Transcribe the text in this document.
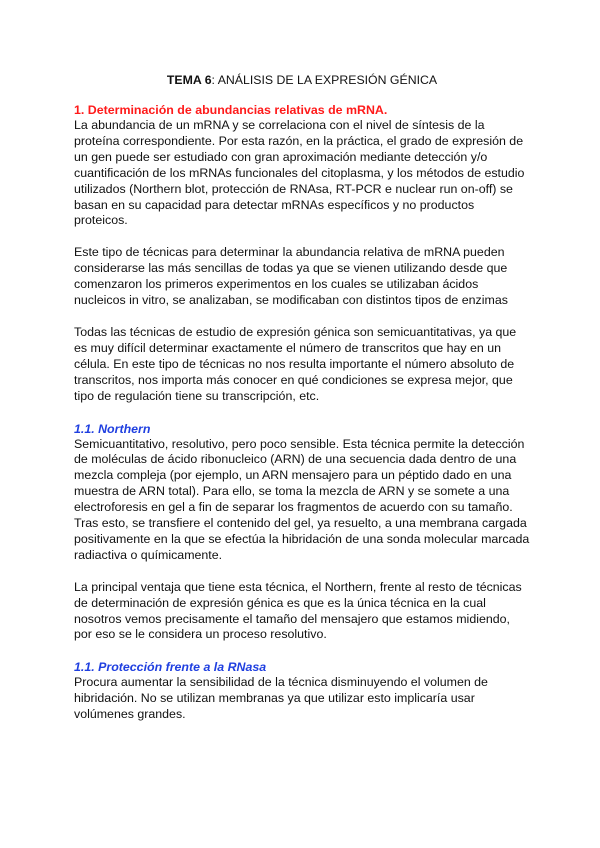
TEMA 6: ANÁLISIS DE LA EXPRESIÓN GÉNICA
1. Determinación de abundancias relativas de mRNA.
La abundancia de un mRNA y se correlaciona con el nivel de síntesis de la proteína correspondiente. Por esta razón, en la práctica, el grado de expresión de un gen puede ser estudiado con gran aproximación mediante detección y/o cuantificación de los mRNAs funcionales del citoplasma, y los métodos de estudio utilizados (Northern blot, protección de RNAsa, RT-PCR e nuclear run on-off) se basan en su capacidad para detectar mRNAs específicos y no productos proteicos.
Este tipo de técnicas para determinar la abundancia relativa de mRNA pueden considerarse las más sencillas de todas ya que se vienen utilizando desde que comenzaron los primeros experimentos en los cuales se utilizaban ácidos nucleicos in vitro, se analizaban, se modificaban con distintos tipos de enzimas
Todas las técnicas de estudio de expresión génica son semicuantitativas, ya que es muy difícil determinar exactamente el número de transcritos que hay en un célula. En este tipo de técnicas no nos resulta importante el número absoluto de transcritos, nos importa más conocer en qué condiciones se expresa mejor, que tipo de regulación tiene su transcripción, etc.
1.1. Northern
Semicuantitativo, resolutivo, pero poco sensible. Esta técnica permite la detección de moléculas de ácido ribonucleico (ARN) de una secuencia dada dentro de una mezcla compleja (por ejemplo, un ARN mensajero para un péptido dado en una muestra de ARN total). Para ello, se toma la mezcla de ARN y se somete a una electroforesis en gel a fin de separar los fragmentos de acuerdo con su tamaño. Tras esto, se transfiere el contenido del gel, ya resuelto, a una membrana cargada positivamente en la que se efectúa la hibridación de una sonda molecular marcada radiactiva o químicamente.
La principal ventaja que tiene esta técnica, el Northern, frente al resto de técnicas de determinación de expresión génica es que es la única técnica en la cual nosotros vemos precisamente el tamaño del mensajero que estamos midiendo, por eso se le considera un proceso resolutivo.
1.1. Protección frente a la RNasa
Procura aumentar la sensibilidad de la técnica disminuyendo el volumen de hibridación. No se utilizan membranas ya que utilizar esto implicaría usar volúmenes grandes.
